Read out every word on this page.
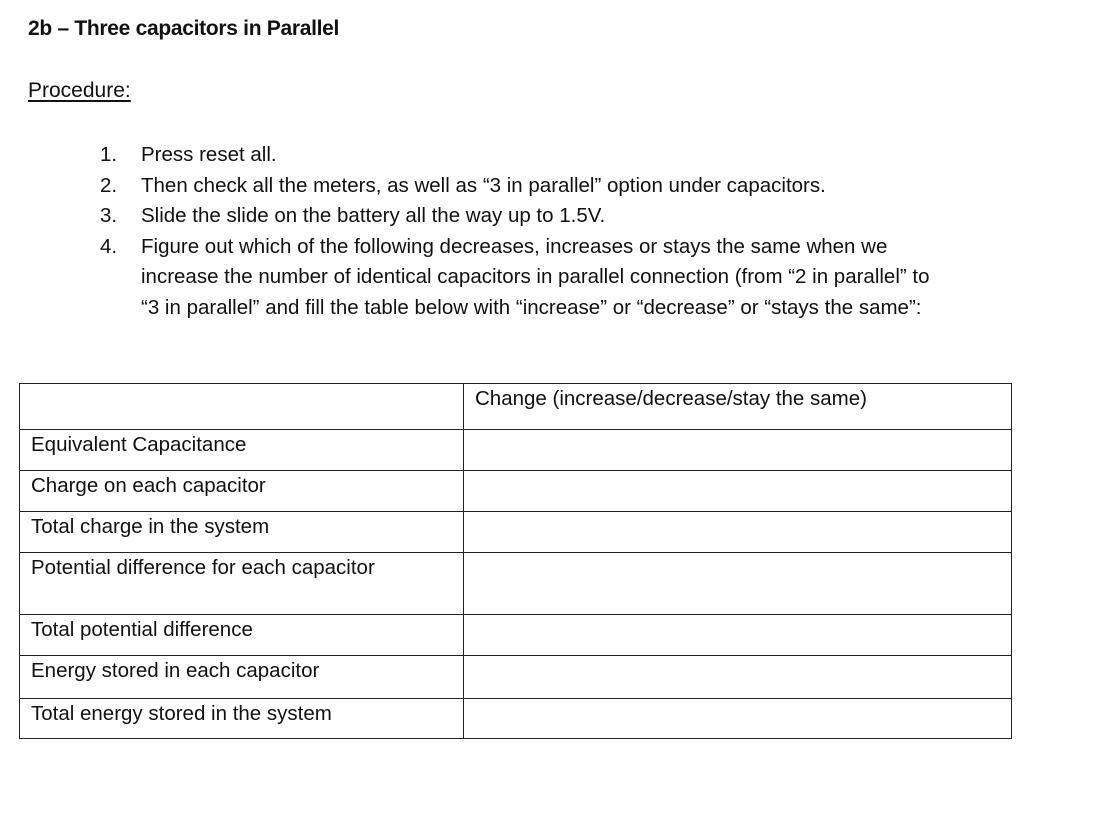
2b – Three capacitors in Parallel
Procedure:
1. Press reset all.
2. Then check all the meters, as well as “3 in parallel” option under capacitors.
3. Slide the slide on the battery all the way up to 1.5V.
4. Figure out which of the following decreases, increases or stays the same when we increase the number of identical capacitors in parallel connection (from “2 in parallel” to “3 in parallel” and fill the table below with “increase” or “decrease” or “stays the same”:
	Change (increase/decrease/stay the same)
Equivalent Capacitance	
Charge on each capacitor	
Total charge in the system	
Potential difference for each capacitor	
Total potential difference	
Energy stored in each capacitor	
Total energy stored in the system	
